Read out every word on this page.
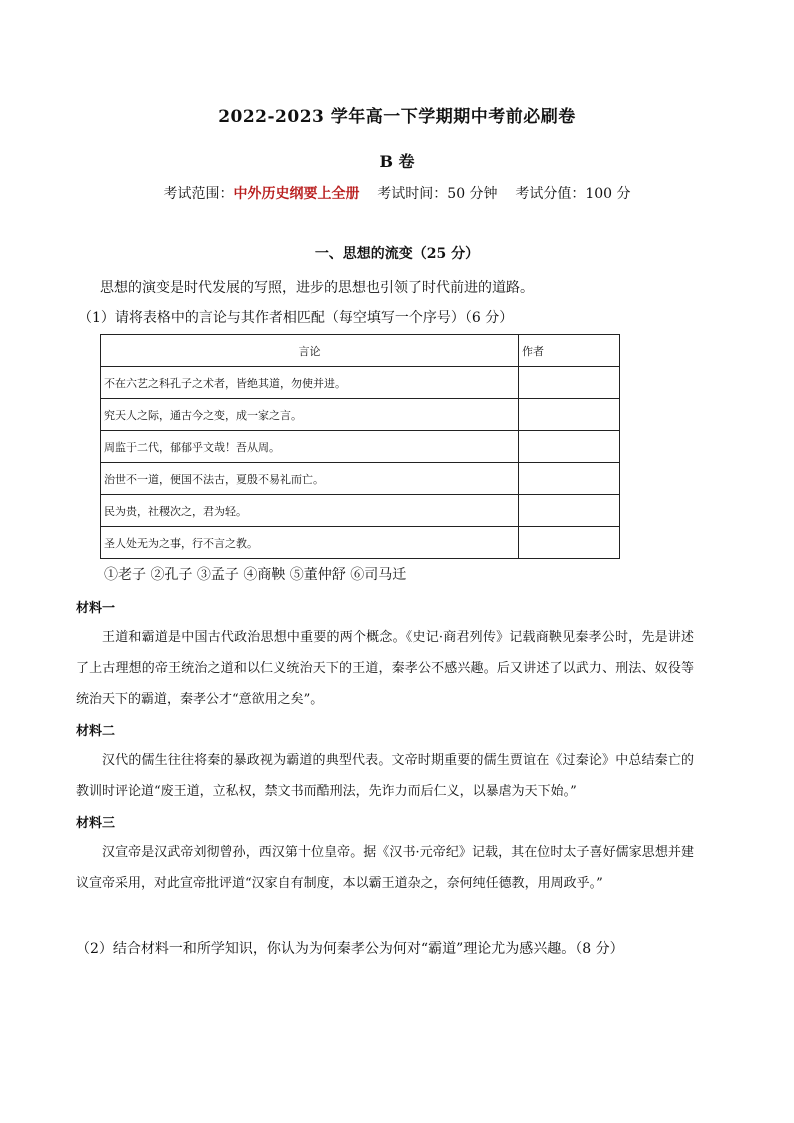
2022-2023 学年高一下学期期中考前必刷卷
B 卷
考试范围：中外历史纲要上全册 考试时间：50 分钟 考试分值：100 分
一、思想的流变（25 分）
思想的演变是时代发展的写照，进步的思想也引领了时代前进的道路。
（1）请将表格中的言论与其作者相匹配（每空填写一个序号）（6 分）
言论	作者
不在六艺之科孔子之术者，皆绝其道，勿使并进。	
究天人之际，通古今之变，成一家之言。	
周监于二代，郁郁乎文哉！吾从周。	
治世不一道，便国不法古，夏殷不易礼而亡。	
民为贵，社稷次之，君为轻。	
圣人处无为之事，行不言之教。	
①老子 ②孔子 ③孟子 ④商鞅 ⑤董仲舒 ⑥司马迁
材料一
王道和霸道是中国古代政治思想中重要的两个概念。《史记·商君列传》记载商鞅见秦孝公时，先是讲述了上古理想的帝王统治之道和以仁义统治天下的王道，秦孝公不感兴趣。后又讲述了以武力、刑法、奴役等统治天下的霸道，秦孝公才“意欲用之矣”。
材料二
汉代的儒生往往将秦的暴政视为霸道的典型代表。文帝时期重要的儒生贾谊在《过秦论》中总结秦亡的教训时评论道“废王道，立私权，禁文书而酷刑法，先诈力而后仁义，以暴虐为天下始。”
材料三
汉宣帝是汉武帝刘彻曾孙，西汉第十位皇帝。据《汉书·元帝纪》记载，其在位时太子喜好儒家思想并建议宣帝采用，对此宣帝批评道“汉家自有制度，本以霸王道杂之，奈何纯任德教，用周政乎。”
（2）结合材料一和所学知识，你认为为何秦孝公为何对“霸道”理论尤为感兴趣。（8 分）
